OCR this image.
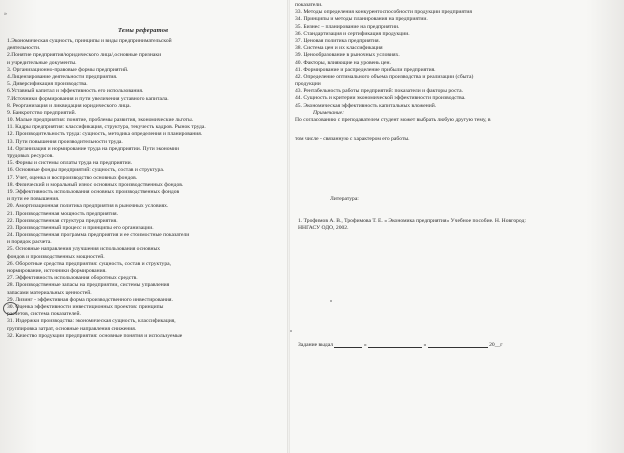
»
Темы рефератов
1.Экономическая сущность, принципы и виды предпринимательской
деятельности.
2.Понятие предприятия/юридического лица/,основные признаки
и учредительные документы.
3. Организационно-правовые формы предприятий.
4.Лицензирование деятельности предприятия.
5. Диверсификация производства.
6.Уставный капитал и эффективность его использования.
7.Источники формирования и пути увеличения уставного капитала.
8. Реорганизация и ликвидация юридического лица.
9. Банкротство предприятий.
10. Малые предприятия: понятие, проблемы развития, экономические льготы.
11. Кадры предприятия: классификация, структура, текучесть кадров. Рынок труда.
12. Производительность труда: сущность, методика определения и планирования.
13. Пути повышения производительности труда.
14. Организация и нормирование труда на предприятии. Пути экономии
трудовых ресурсов.
15. Формы и системы оплаты труда на предприятии.
16. Основные фонды предприятий: сущность, состав и структура.
17. Учет, оценка и воспроизводство основных фондов.
18. Физический и моральный износ основных производственных фондов.
19. Эффективность использования основных производственных фондов
и пути ее повышения.
20. Амортизационная политика предприятия в рыночных условиях.
21. Производственная мощность предприятия.
22. Производственная структура предприятия.
23. Производственный процесс и принципы его организации.
24. Производственная программа предприятия и ее стоимостные показатели
и порядок расчета.
25. Основные направления улучшения использования основных
фондов и производственных мощностей.
26. Оборотные средства предприятия: сущность, состав и структура,
нормирование, источники формирования.
27. Эффективность использования оборотных средств.
28. Производственные запасы на предприятии, системы управления
запасами материальных ценностей.
29. Лизинг - эффективная форма производственного инвестирования.
30. Оценка эффективности инвестиционных проектов: принципы
расчетов, система показателей.
31. Издержки производства: экономическая сущность, классификация,
группировка затрат, основные направления снижения.
32. Качество продукции предприятия: основные понятия и используемые
показатели.
33. Методы определения конкурентоспособности продукции предприятия
34. Принципы и методы планирования на предприятии.
35. Бизнес – планирование на предприятии.
36. Стандартизация и сертификация продукции.
37. Ценовая политика предприятия.
38. Система цен и их классификация
39. Ценообразование в рыночных условиях.
40. Факторы, влияющие на уровень цен.
41. Формирование и распределение прибыли предприятия.
42. Определение оптимального объема производства и реализации (сбыта)
продукции
43. Рентабельность работы предприятий: показатели и факторы роста.
44. Сущность и критерии экономической эффективности производства.
45. Экономическая эффективность капитальных вложений.
Примечание:
По согласованию с преподавателем студент может выбрать любую другую тему, в
том числе - связанную с характером его работы.
Литература:
1. Трофимов А. В., Трофимова Т. Е. « Экономика предприятия» Учебное пособие. Н. Новгород:
ННГАСУ ОДО, 2002.
Задание выдал	«	»	20__г
